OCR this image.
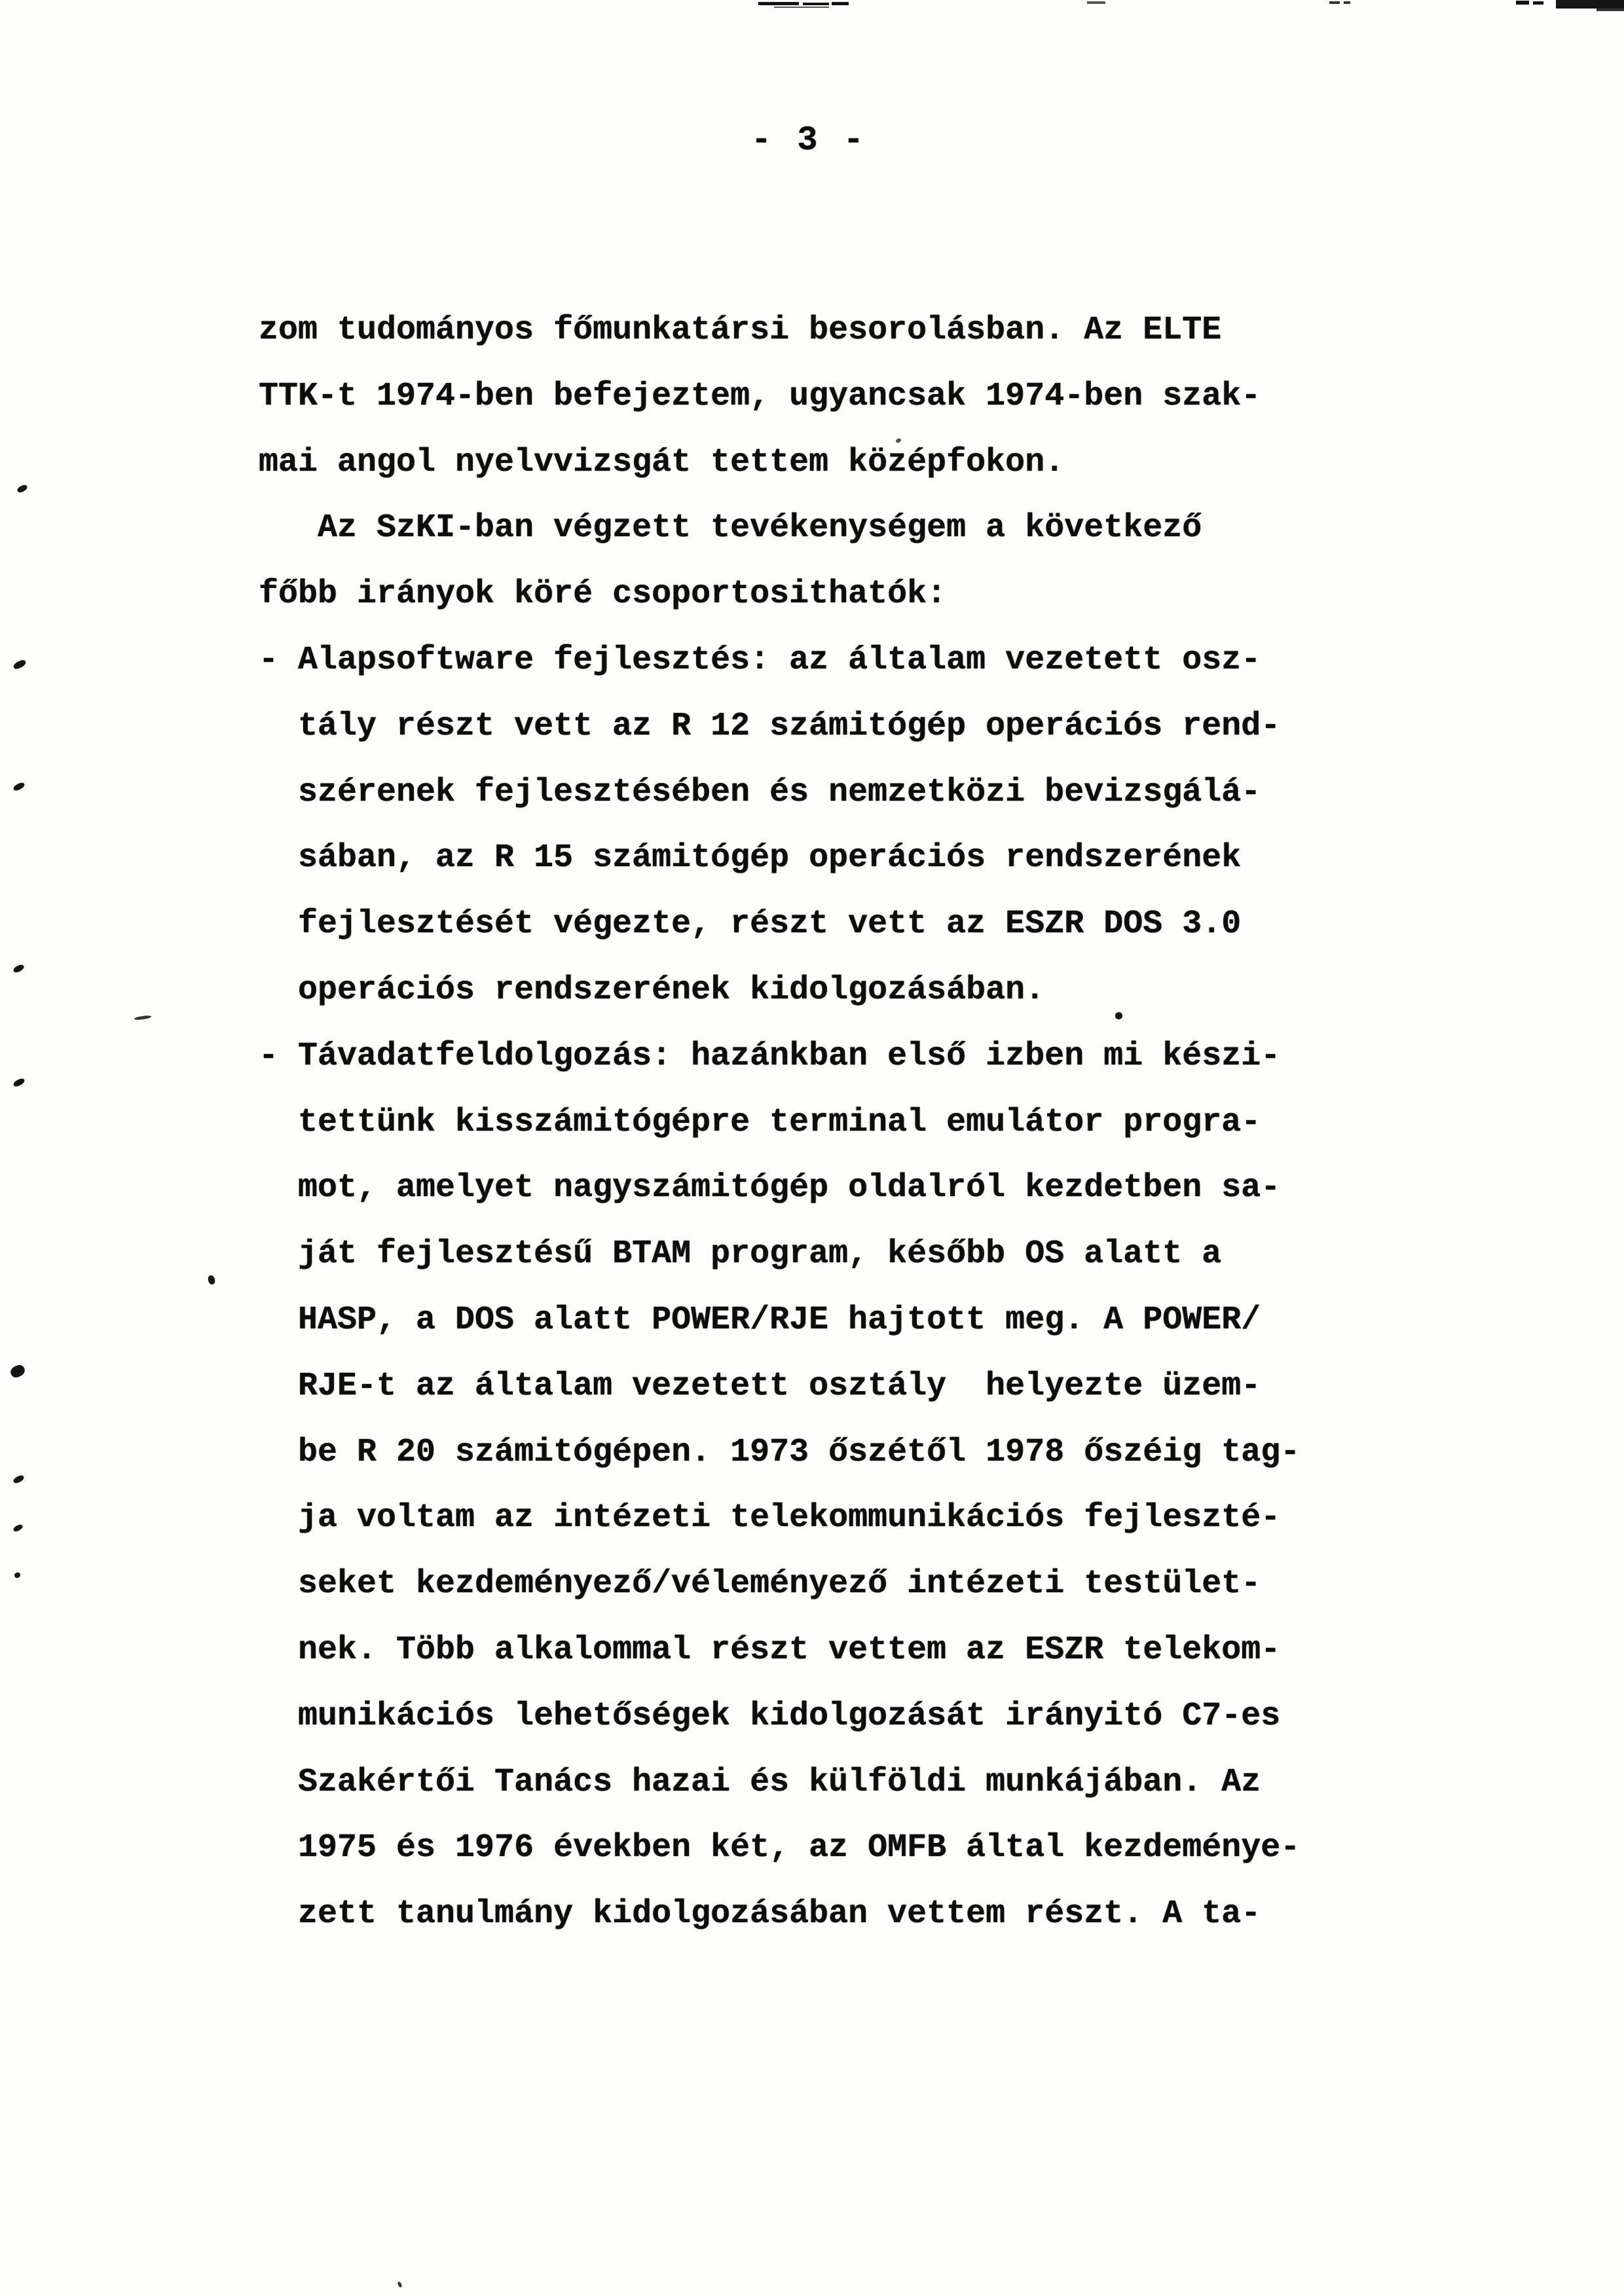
- 3 -
zom tudományos főmunkatársi besorolásban. Az ELTE
TTK-t 1974-ben befejeztem, ugyancsak 1974-ben szak-
mai angol nyelvvizsgát tettem középfokon.
Az SzKI-ban végzett tevékenységem a következő
főbb irányok köré csoportosithatók:
- Alapsoftware fejlesztés: az általam vezetett osz-
tály részt vett az R 12 számitógép operációs rend-
szérenek fejlesztésében és nemzetközi bevizsgálá-
sában, az R 15 számitógép operációs rendszerének
fejlesztését végezte, részt vett az ESZR DOS 3.0
operációs rendszerének kidolgozásában.
- Távadatfeldolgozás: hazánkban első izben mi készi-
tettünk kisszámitógépre terminal emulátor progra-
mot, amelyet nagyszámitógép oldalról kezdetben sa-
ját fejlesztésű BTAM program, később OS alatt a
HASP, a DOS alatt POWER/RJE hajtott meg. A POWER/
RJE-t az általam vezetett osztály  helyezte üzem-
be R 20 számitógépen. 1973 őszétől 1978 őszéig tag-
ja voltam az intézeti telekommunikációs fejleszté-
seket kezdeményező/véleményező intézeti testület-
nek. Több alkalommal részt vettem az ESZR telekom-
munikációs lehetőségek kidolgozását irányitó C7-es
Szakértői Tanács hazai és külföldi munkájában. Az
1975 és 1976 években két, az OMFB által kezdeménye-
zett tanulmány kidolgozásában vettem részt. A ta-
